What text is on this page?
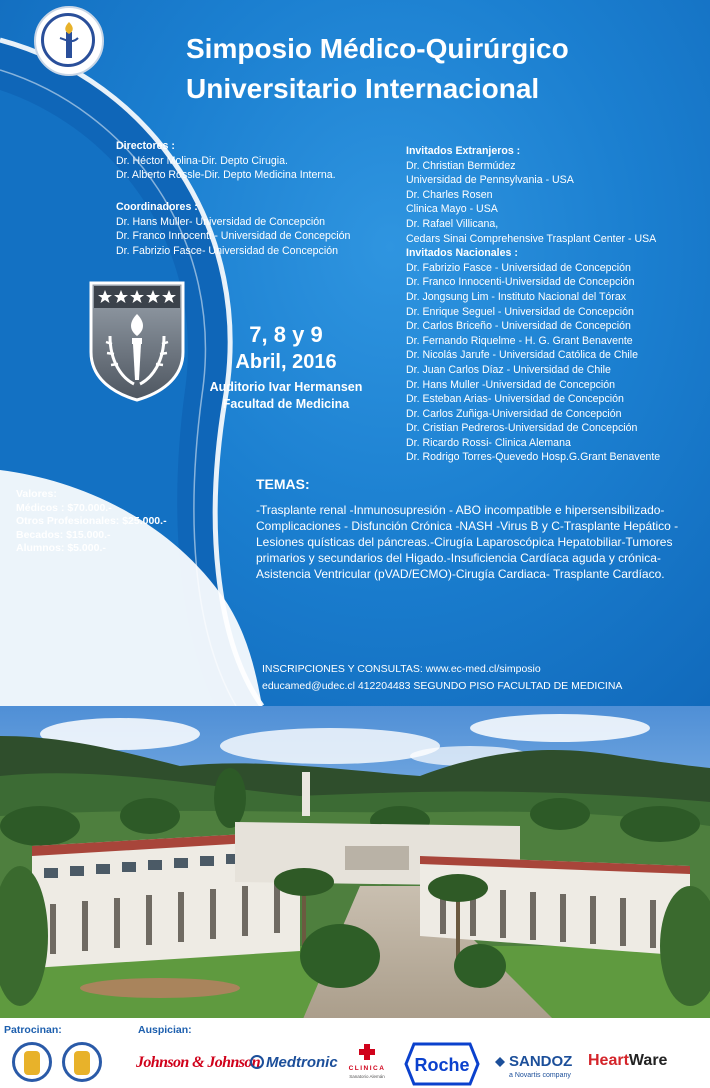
Simposio Médico-Quirúrgico
Universitario Internacional
Directores :
Dr. Héctor Molina-Dir. Depto Cirugia.
Dr. Alberto Rossle-Dir. Depto Medicina Interna.
Coordinadores :
Dr. Hans Muller- Universidad de Concepción
Dr. Franco Innocenti - Universidad de Concepción
Dr. Fabrizio Fasce- Universidad de Concepción
Invitados Extranjeros :
Dr. Christian Bermúdez
Universidad de Pennsylvania - USA
Dr. Charles Rosen
Clinica Mayo - USA
Dr. Rafael Villicana,
Cedars Sinai Comprehensive Trasplant Center - USA
Invitados Nacionales :
Dr. Fabrizio Fasce - Universidad de Concepción
Dr. Franco Innocenti-Universidad de Concepción
Dr. Jongsung Lim - Instituto Nacional del Tórax
Dr. Enrique Seguel - Universidad de Concepción
Dr. Carlos Briceño - Universidad de Concepción
Dr. Fernando Riquelme - H. G. Grant Benavente
Dr. Nicolás Jarufe - Universidad Católica de Chile
Dr. Juan Carlos Díaz - Universidad de Chile
Dr. Hans Muller -Universidad de Concepción
Dr. Esteban Arias- Universidad de Concepción
Dr. Carlos Zuñiga-Universidad de Concepción
Dr. Cristian Pedreros-Universidad de Concepción
Dr. Ricardo Rossi- Clinica Alemana
Dr. Rodrigo Torres-Quevedo Hosp.G.Grant Benavente
7, 8 y 9
Abril, 2016
Auditorio Ivar Hermansen
Facultad de Medicina
Valores:
Médicos : $70.000.-
Otros Profesionales: $25.000.-
Becados: $15.000.-
Alumnos: $5.000.-
TEMAS:
-Trasplante renal -Inmunosupresión - ABO incompatible e hipersensibilizado-Complicaciones - Disfunción Crónica -NASH -Virus B y C-Trasplante Hepático - Lesiones quísticas del páncreas.-Cirugía Laparoscópica Hepatobiliar-Tumores primarios y secundarios del Higado.-Insuficiencia Cardíaca aguda y crónica-Asistencia Ventricular (pVAD/ECMO)-Cirugía Cardiaca- Trasplante Cardíaco.
INSCRIPCIONES Y CONSULTAS: www.ec-med.cl/simposio
educamed@udec.cl 412204483 SEGUNDO PISO FACULTAD DE MEDICINA
Patrocinan:	Auspician:
Johnson & Johnson Medtronic CLINICA
Sanatorio Alemán
Roche	SANDOZ
a Novartis company
HeartWare
